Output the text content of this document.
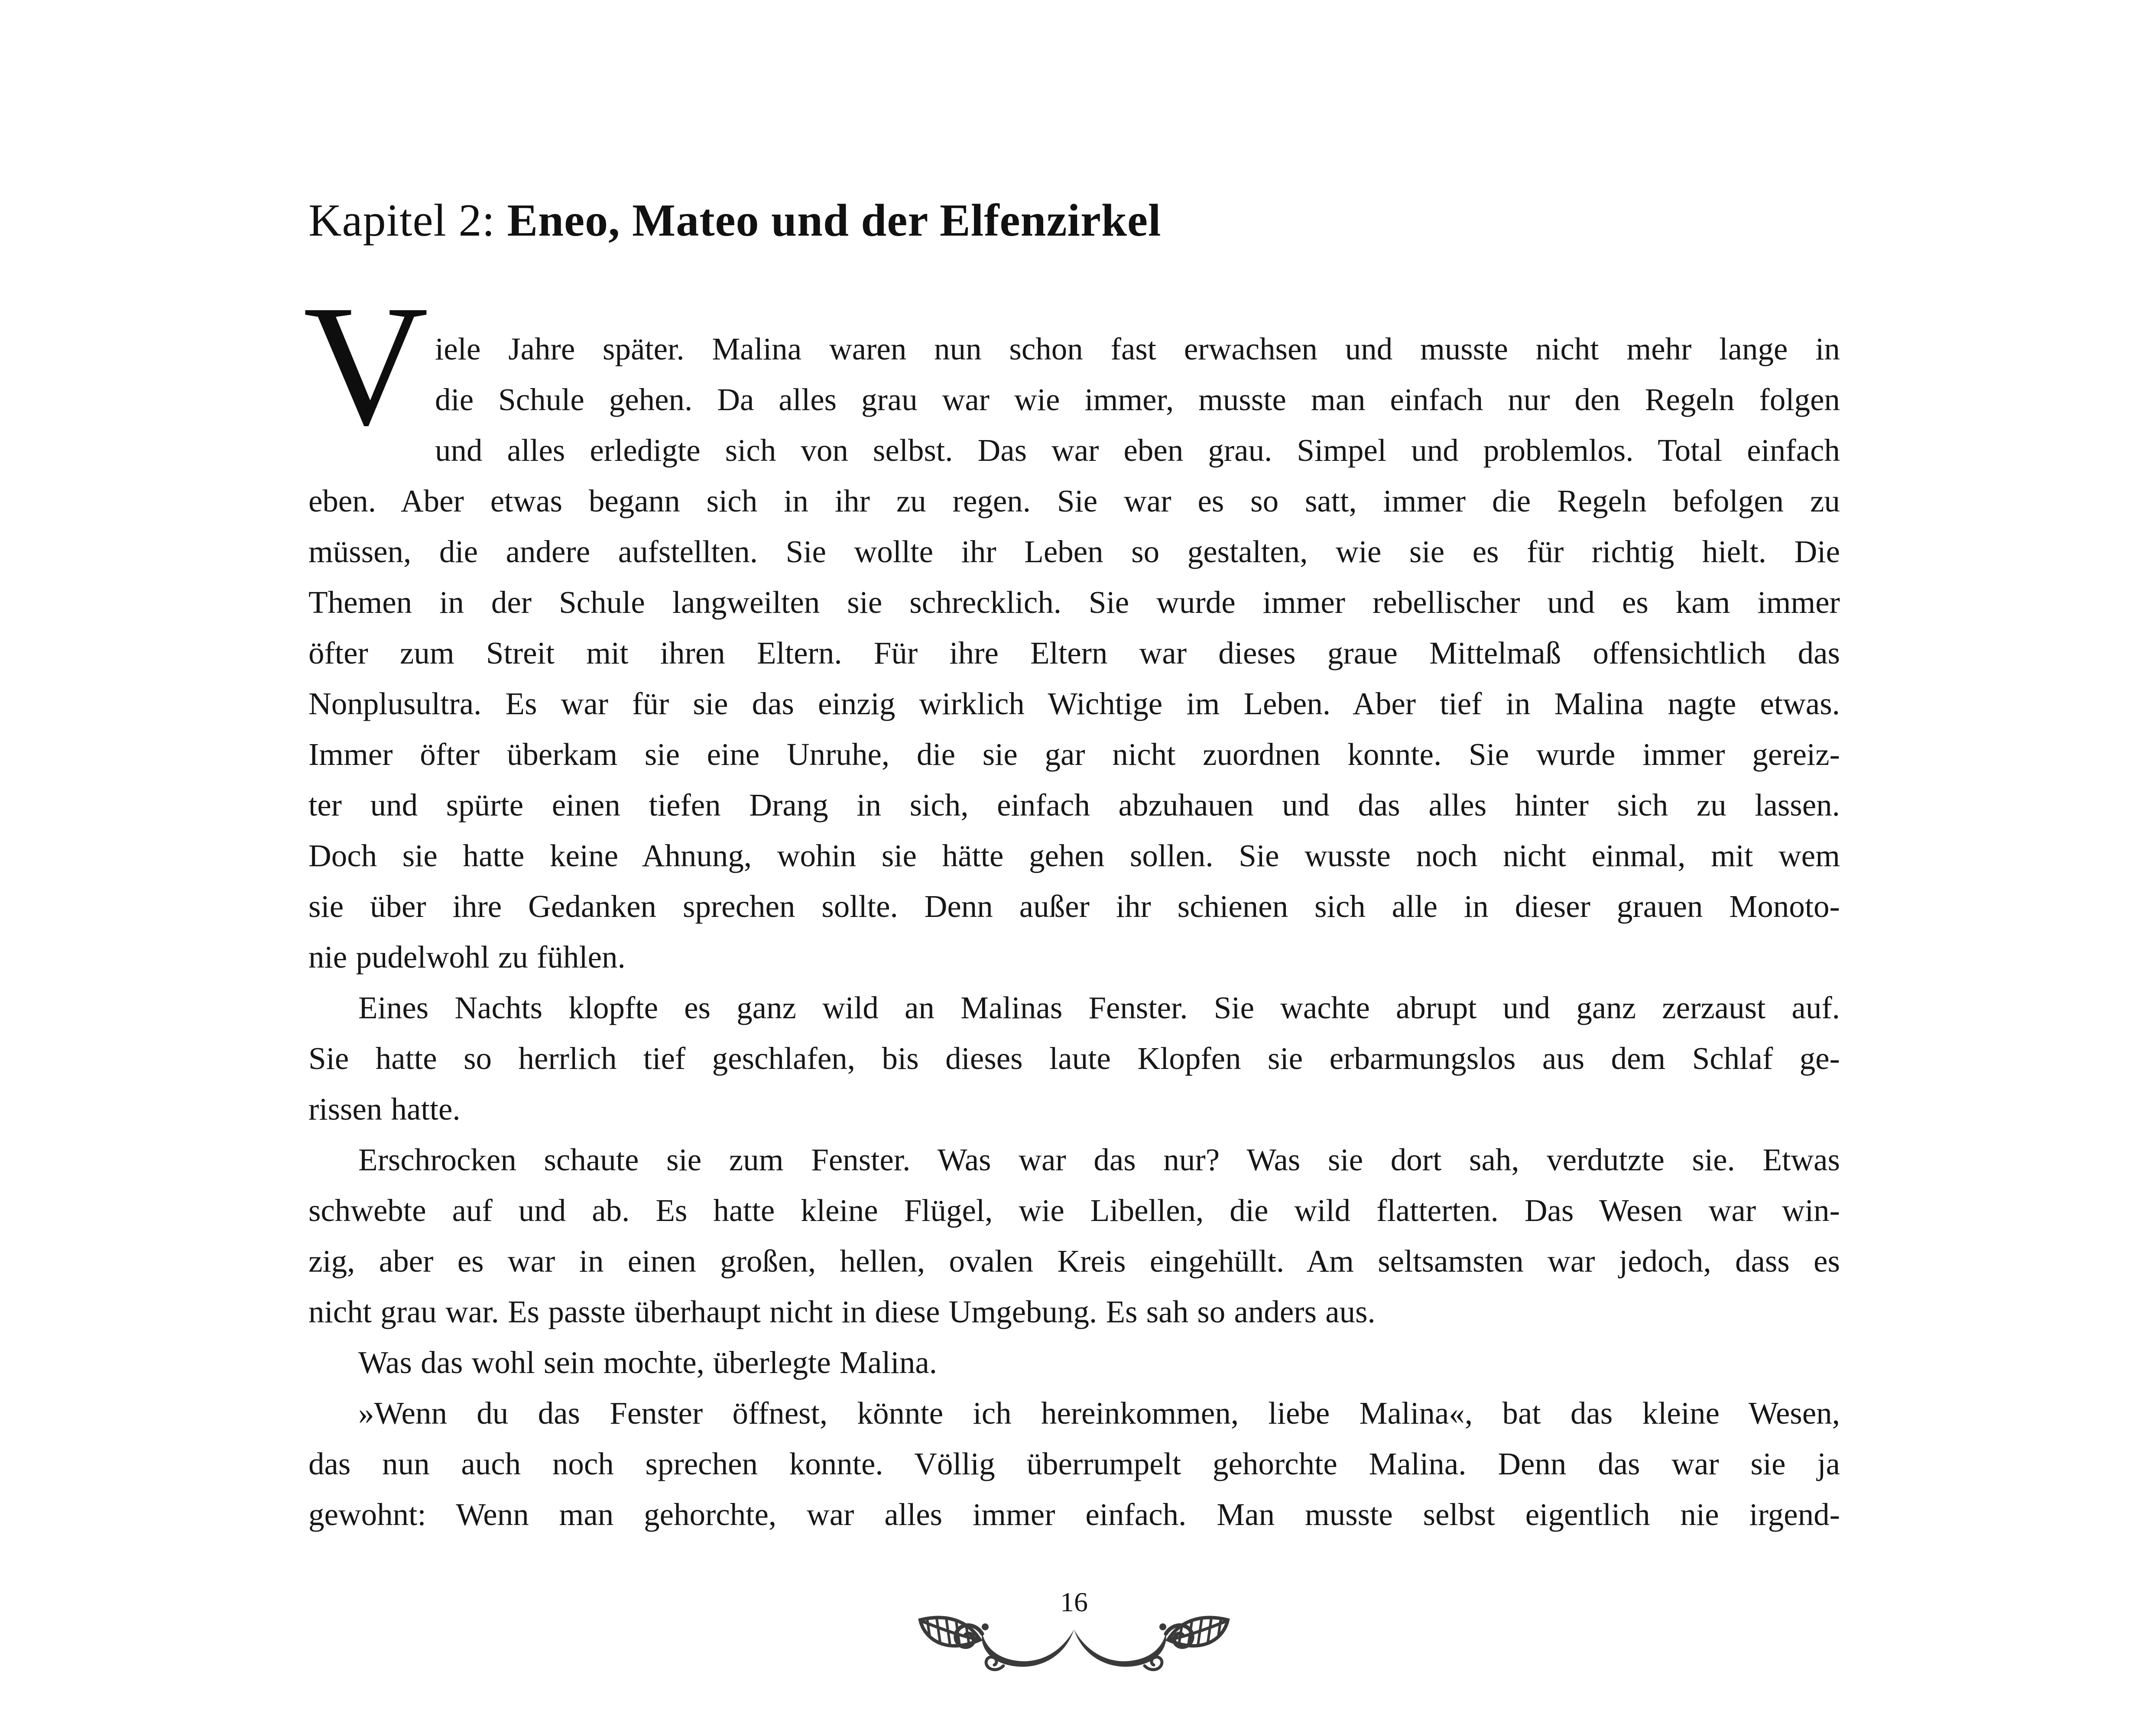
Kapitel 2: Eneo, Mateo und der Elfenzirkel
V iele Jahre später. Malina waren nun schon fast erwachsen und musste nicht mehr lange in
die Schule gehen. Da alles grau war wie immer, musste man einfach nur den Regeln folgen
und alles erledigte sich von selbst. Das war eben grau. Simpel und problemlos. Total einfach
eben. Aber etwas begann sich in ihr zu regen. Sie war es so satt, immer die Regeln befolgen zu
müssen, die andere aufstellten. Sie wollte ihr Leben so gestalten, wie sie es für richtig hielt. Die
Themen in der Schule langweilten sie schrecklich. Sie wurde immer rebellischer und es kam immer
öfter zum Streit mit ihren Eltern. Für ihre Eltern war dieses graue Mittelmaß offensichtlich das
Nonplusultra. Es war für sie das einzig wirklich Wichtige im Leben. Aber tief in Malina nagte etwas.
Immer öfter überkam sie eine Unruhe, die sie gar nicht zuordnen konnte. Sie wurde immer gereiz-
ter und spürte einen tiefen Drang in sich, einfach abzuhauen und das alles hinter sich zu lassen.
Doch sie hatte keine Ahnung, wohin sie hätte gehen sollen. Sie wusste noch nicht einmal, mit wem
sie über ihre Gedanken sprechen sollte. Denn außer ihr schienen sich alle in dieser grauen Monoto-
nie pudelwohl zu fühlen.
Eines Nachts klopfte es ganz wild an Malinas Fenster. Sie wachte abrupt und ganz zerzaust auf.
Sie hatte so herrlich tief geschlafen, bis dieses laute Klopfen sie erbarmungslos aus dem Schlaf ge-
rissen hatte.
Erschrocken schaute sie zum Fenster. Was war das nur? Was sie dort sah, verdutzte sie. Etwas
schwebte auf und ab. Es hatte kleine Flügel, wie Libellen, die wild flatterten. Das Wesen war win-
zig, aber es war in einen großen, hellen, ovalen Kreis eingehüllt. Am seltsamsten war jedoch, dass es
nicht grau war. Es passte überhaupt nicht in diese Umgebung. Es sah so anders aus.
Was das wohl sein mochte, überlegte Malina.
»Wenn du das Fenster öffnest, könnte ich hereinkommen, liebe Malina«, bat das kleine Wesen,
das nun auch noch sprechen konnte. Völlig überrumpelt gehorchte Malina. Denn das war sie ja
gewohnt: Wenn man gehorchte, war alles immer einfach. Man musste selbst eigentlich nie irgend-
16
